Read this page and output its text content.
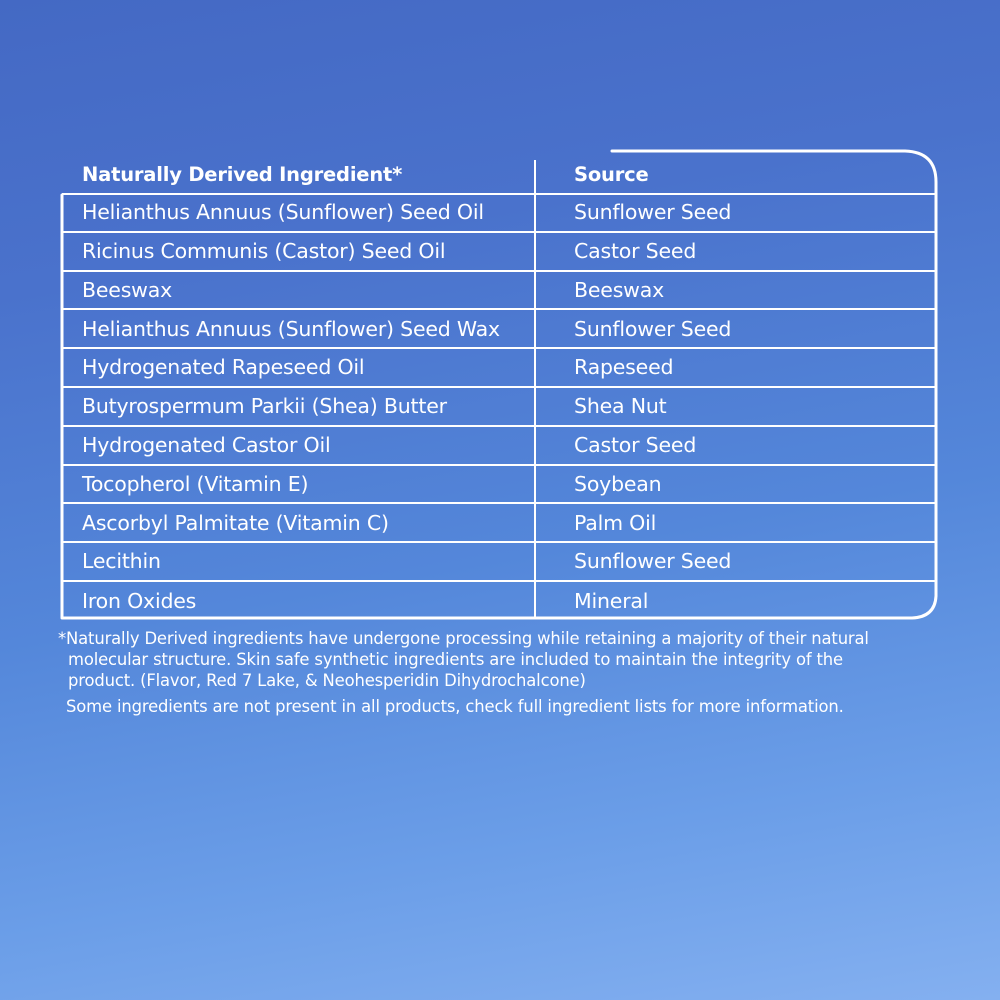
Naturally Derived Ingredient*	Source
Helianthus Annuus (Sunflower) Seed Oil	Sunflower Seed
Ricinus Communis (Castor) Seed Oil	Castor Seed
Beeswax	Beeswax
Helianthus Annuus (Sunflower) Seed Wax	Sunflower Seed
Hydrogenated Rapeseed Oil	Rapeseed
Butyrospermum Parkii (Shea) Butter	Shea Nut
Hydrogenated Castor Oil	Castor Seed
Tocopherol (Vitamin E)	Soybean
Ascorbyl Palmitate (Vitamin C)	Palm Oil
Lecithin	Sunflower Seed
Iron Oxides	Mineral

*Naturally Derived ingredients have undergone processing while retaining a majority of their natural
molecular structure. Skin safe synthetic ingredients are included to maintain the integrity of the
product. (Flavor, Red 7 Lake, & Neohesperidin Dihydrochalcone)

Some ingredients are not present in all products, check full ingredient lists for more information.
